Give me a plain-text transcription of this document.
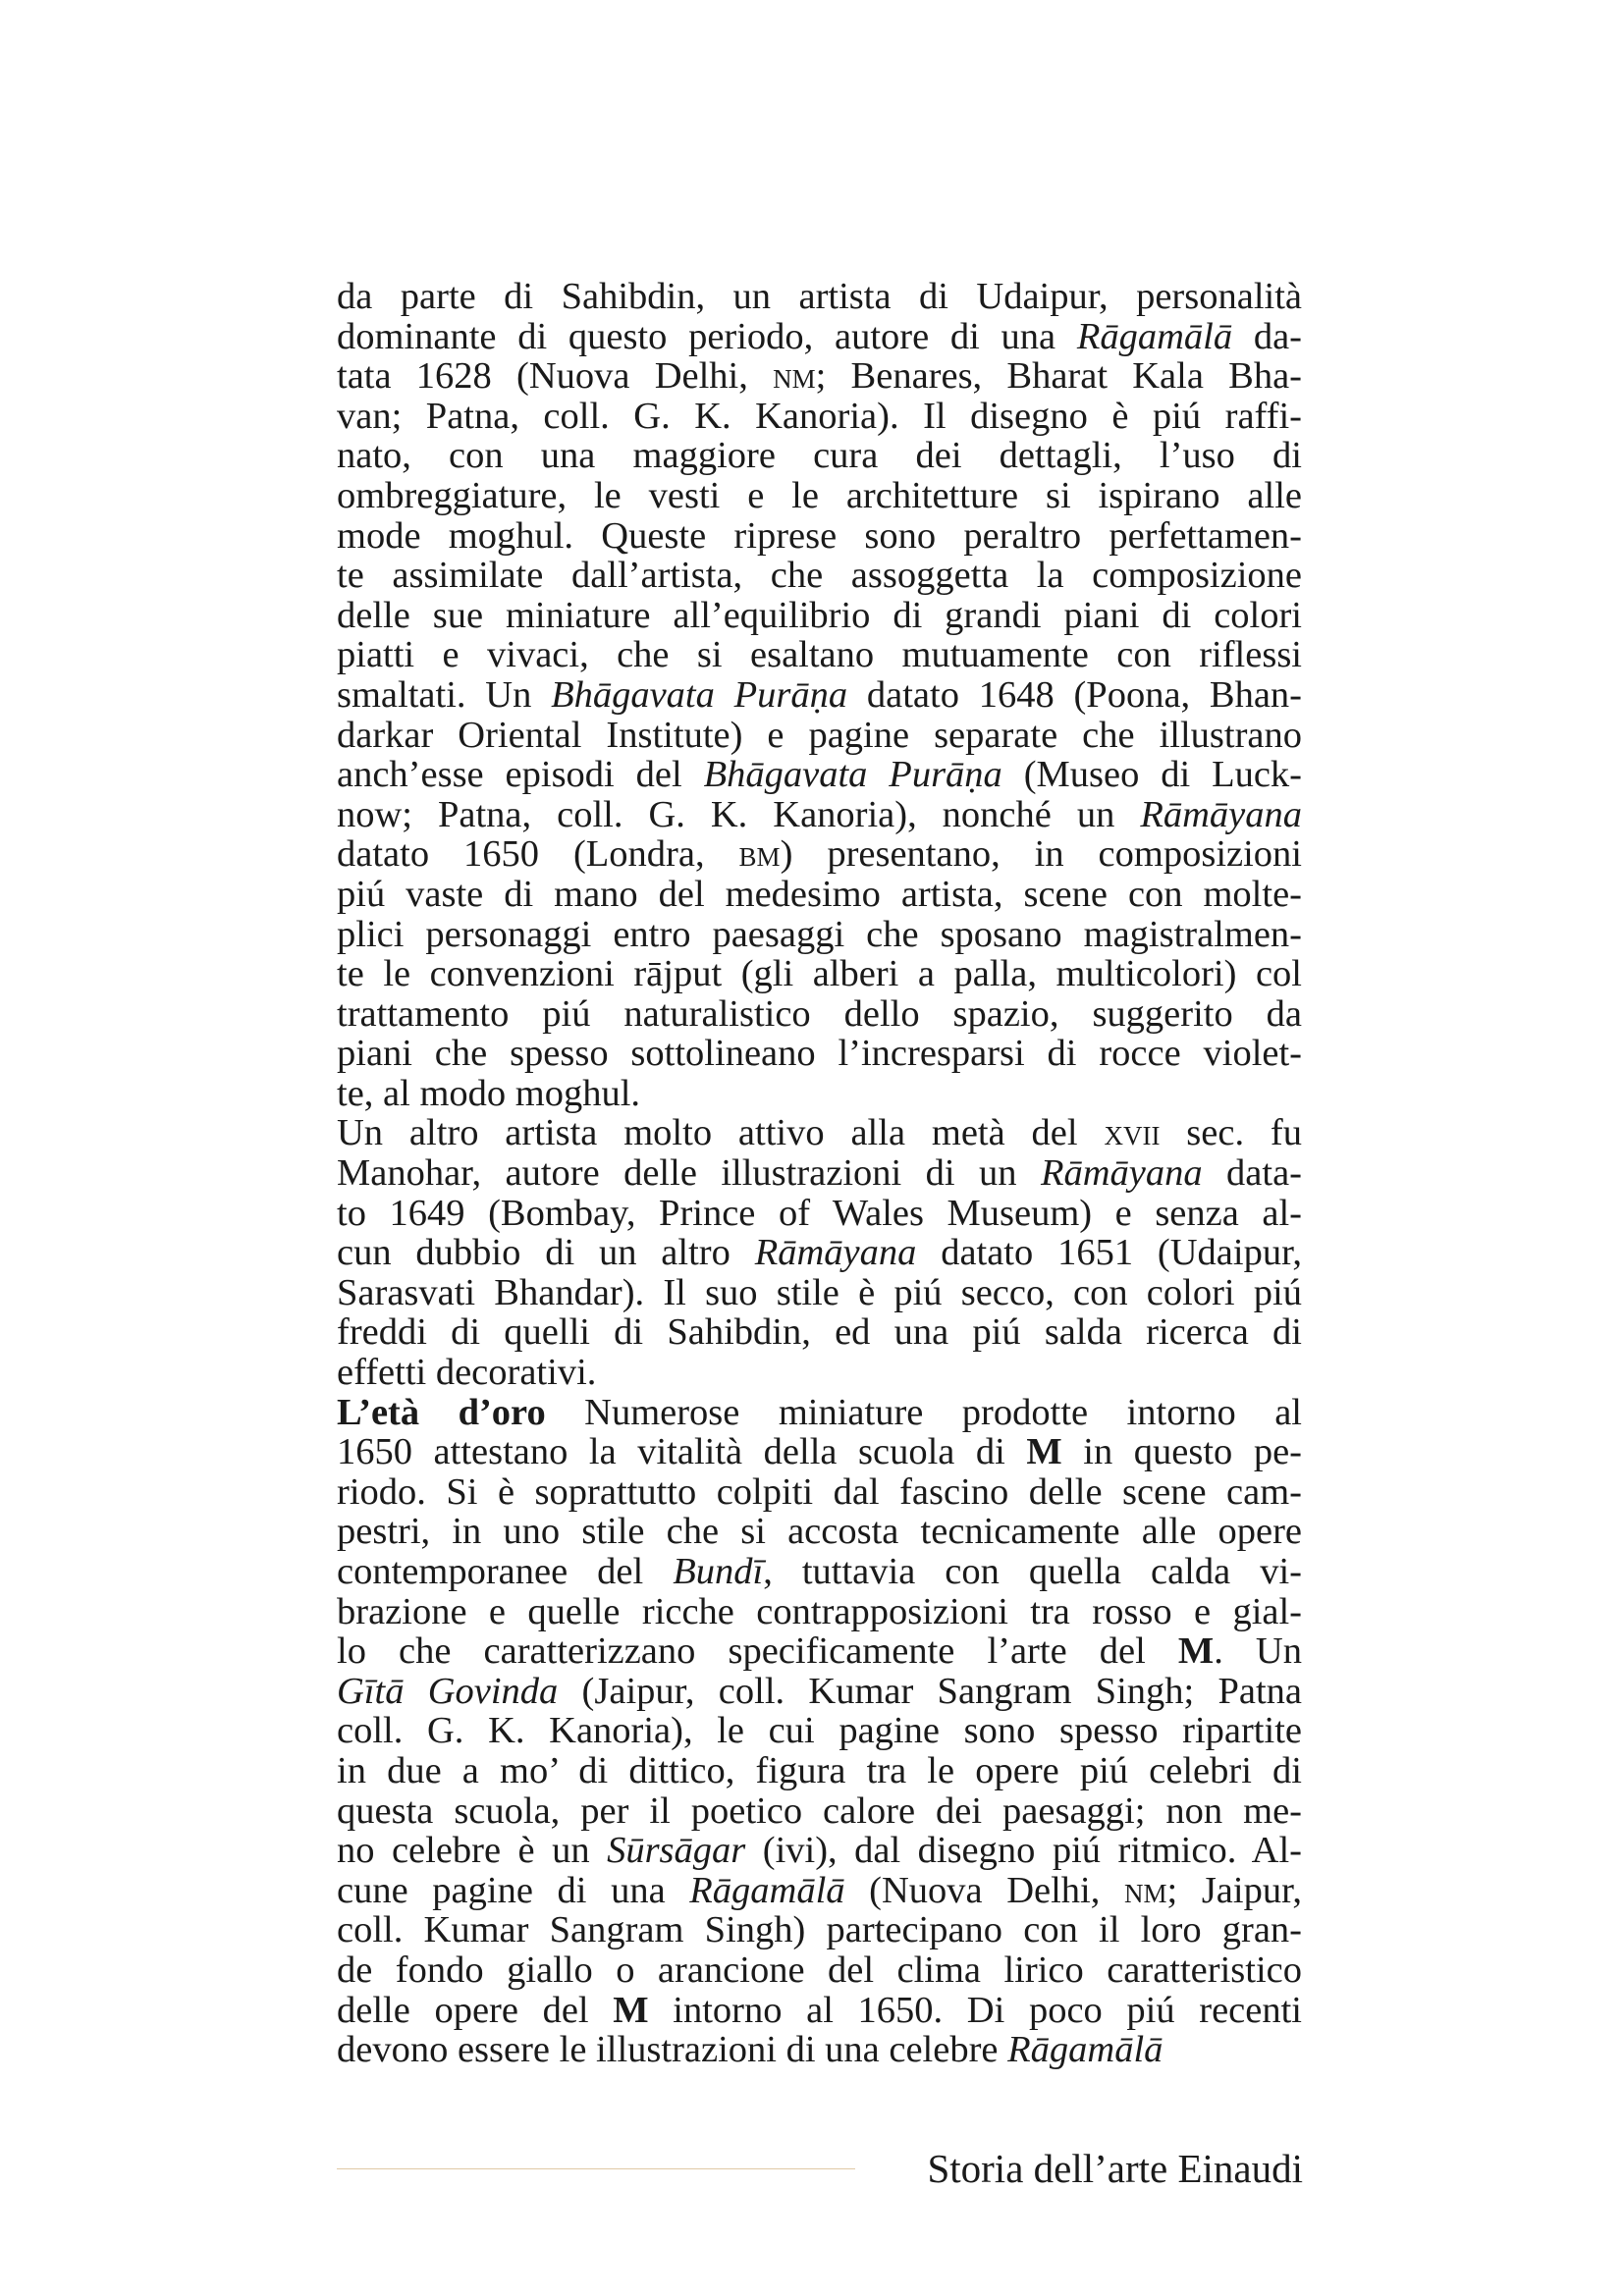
da parte di Sahibdin, un artista di Udaipur, personalità
dominante di questo periodo, autore di una Rāgamālā da-
tata 1628 (Nuova Delhi, nm; Benares, Bharat Kala Bha-
van; Patna, coll. G. K. Kanoria). Il disegno è piú raffi-
nato, con una maggiore cura dei dettagli, l’uso di
ombreggiature, le vesti e le architetture si ispirano alle
mode moghul. Queste riprese sono peraltro perfettamen-
te assimilate dall’artista, che assoggetta la composizione
delle sue miniature all’equilibrio di grandi piani di colori
piatti e vivaci, che si esaltano mutuamente con riflessi
smaltati. Un Bhāgavata Purāṇa datato 1648 (Poona, Bhan-
darkar Oriental Institute) e pagine separate che illustrano
anch’esse episodi del Bhāgavata Purāṇa (Museo di Luck-
now; Patna, coll. G. K. Kanoria), nonché un Rāmāyana
datato 1650 (Londra, bm) presentano, in composizioni
piú vaste di mano del medesimo artista, scene con molte-
plici personaggi entro paesaggi che sposano magistralmen-
te le convenzioni rājput (gli alberi a palla, multicolori) col
trattamento piú naturalistico dello spazio, suggerito da
piani che spesso sottolineano l’incresparsi di rocce violet-
te, al modo moghul.
Un altro artista molto attivo alla metà del xvii sec. fu
Manohar, autore delle illustrazioni di un Rāmāyana data-
to 1649 (Bombay, Prince of Wales Museum) e senza al-
cun dubbio di un altro Rāmāyana datato 1651 (Udaipur,
Sarasvati Bhandar). Il suo stile è piú secco, con colori piú
freddi di quelli di Sahibdin, ed una piú salda ricerca di
effetti decorativi.
L’età d’oro Numerose miniature prodotte intorno al
1650 attestano la vitalità della scuola di M in questo pe-
riodo. Si è soprattutto colpiti dal fascino delle scene cam-
pestri, in uno stile che si accosta tecnicamente alle opere
contemporanee del Bundī, tuttavia con quella calda vi-
brazione e quelle ricche contrapposizioni tra rosso e gial-
lo che caratterizzano specificamente l’arte del M. Un
Gītā Govinda (Jaipur, coll. Kumar Sangram Singh; Patna
coll. G. K. Kanoria), le cui pagine sono spesso ripartite
in due a mo’ di dittico, figura tra le opere piú celebri di
questa scuola, per il poetico calore dei paesaggi; non me-
no celebre è un Sūrsāgar (ivi), dal disegno piú ritmico. Al-
cune pagine di una Rāgamālā (Nuova Delhi, nm; Jaipur,
coll. Kumar Sangram Singh) partecipano con il loro gran-
de fondo giallo o arancione del clima lirico caratteristico
delle opere del M intorno al 1650. Di poco piú recenti
devono essere le illustrazioni di una celebre Rāgamālā
Storia dell’arte Einaudi
